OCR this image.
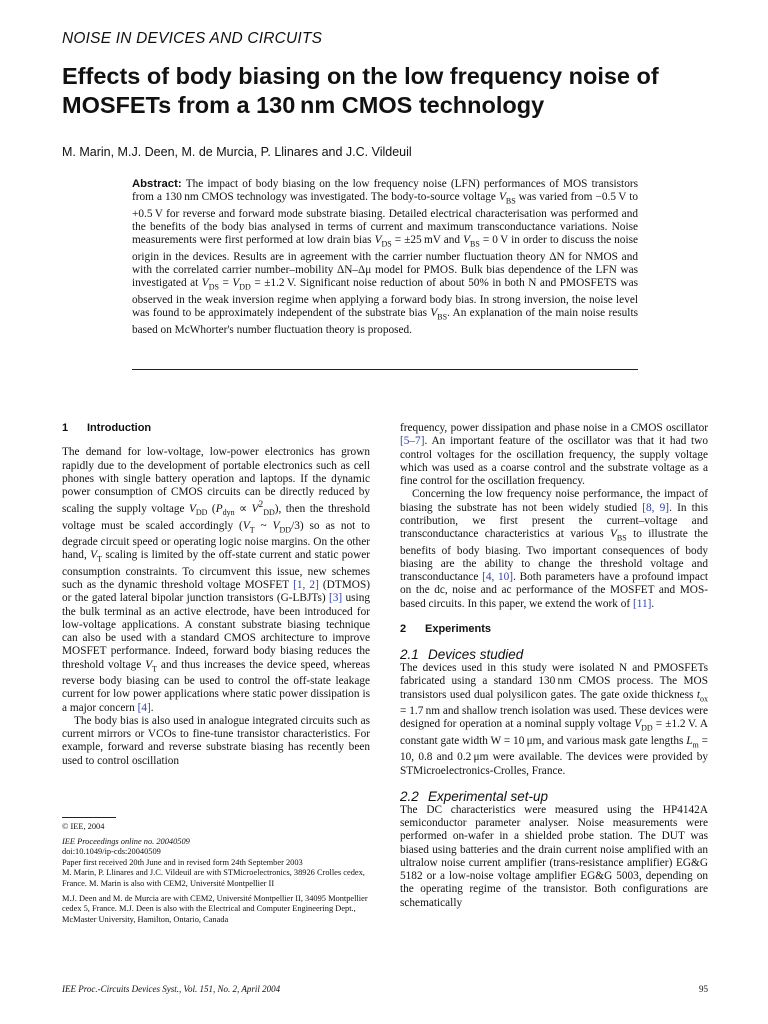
NOISE IN DEVICES AND CIRCUITS
Effects of body biasing on the low frequency noise of MOSFETs from a 130 nm CMOS technology
M. Marin, M.J. Deen, M. de Murcia, P. Llinares and J.C. Vildeuil
Abstract: The impact of body biasing on the low frequency noise (LFN) performances of MOS transistors from a 130 nm CMOS technology was investigated. The body-to-source voltage $V_{BS}$ was varied from −0.5 V to +0.5 V for reverse and forward mode substrate biasing. Detailed electrical characterisation was performed and the benefits of the body bias analysed in terms of current and maximum transconductance variations. Noise measurements were first performed at low drain bias $V_{DS} = \pm 25$ mV and $V_{BS} = 0$ V in order to discuss the noise origin in the devices. Results are in agreement with the carrier number fluctuation theory ΔN for NMOS and with the correlated carrier number–mobility ΔN–Δμ model for PMOS. Bulk bias dependence of the LFN was investigated at $V_{DS} = V_{DD} = \pm 1.2$ V. Significant noise reduction of about 50% in both N and PMOSFETS was observed in the weak inversion regime when applying a forward body bias. In strong inversion, the noise level was found to be approximately independent of the substrate bias $V_{BS}$. An explanation of the main noise results based on McWhorter's number fluctuation theory is proposed.
1 Introduction

The demand for low-voltage, low-power electronics has grown rapidly due to the development of portable electronics such as cell phones with single battery operation and laptops. If the dynamic power consumption of CMOS circuits can be directly reduced by scaling the supply voltage $V_{DD}$ $(P_{dyn} \propto V^2_{DD})$, then the threshold voltage must be scaled accordingly ($V_T$ ~ $V_{DD}/3$) so as not to degrade circuit speed or operating logic noise margins. On the other hand, $V_T$ scaling is limited by the off-state current and static power consumption constraints. To circumvent this issue, new schemes such as the dynamic threshold voltage MOSFET [1, 2] (DTMOS) or the gated lateral bipolar junction transistors (G-LBJTs) [3] using the bulk terminal as an active electrode, have been introduced for low-voltage applications. A constant substrate biasing technique can also be used with a standard CMOS architecture to improve MOSFET performance. Indeed, forward body biasing reduces the threshold voltage $V_T$ and thus increases the device speed, whereas reverse body biasing can be used to control the off-state leakage current for low power applications where static power dissipation is a major concern [4].

The body bias is also used in analogue integrated circuits such as current mirrors or VCOs to fine-tune transistor characteristics. For example, forward and reverse substrate biasing has recently been used to control oscillation

frequency, power dissipation and phase noise in a CMOS oscillator [5–7]. An important feature of the oscillator was that it had two control voltages for the oscillation frequency, the supply voltage which was used as a coarse control and the substrate voltage as a fine control for the oscillation frequency.

Concerning the low frequency noise performance, the impact of biasing the substrate has not been widely studied [8, 9]. In this contribution, we first present the current–voltage and transconductance characteristics at various $V_{BS}$ to illustrate the benefits of body biasing. Two important consequences of body biasing are the ability to change the threshold voltage and transconductance [4, 10]. Both parameters have a profound impact on the dc, noise and ac performance of the MOSFET and MOS-based circuits. In this paper, we extend the work of [11].

2 Experiments
2.1 Devices studied

The devices used in this study were isolated N and PMOSFETs fabricated using a standard 130 nm CMOS process. The MOS transistors used dual polysilicon gates. The gate oxide thickness $t_{ox} = 1.7$ nm and shallow trench isolation was used. These devices were designed for operation at a nominal supply voltage $V_{DD} = \pm 1.2$ V. A constant gate width W = 10 μm, and various mask gate lengths $L_m = 10$, 0.8 and 0.2 μm were available. The devices were provided by STMicroelectronics-Crolles, France.

2.2 Experimental set-up

The DC characteristics were measured using the HP4142A semiconductor parameter analyser. Noise measurements were performed on-wafer in a shielded probe station. The DUT was biased using batteries and the drain current noise amplified with an ultralow noise current amplifier (trans-resistance amplifier) EG&G 5182 or a low-noise voltage amplifier EG&G 5003, depending on the operating regime of the transistor. Both configurations are schematically

© IEE, 2004

IEE Proceedings online no. 20040509

doi:10.1049/ip-cds:20040509

Paper first received 20th June and in revised form 24th September 2003

M. Marin, P. Llinares and J.C. Vildeuil are with STMicroelectronics, 38926 Crolles cedex, France. M. Marin is also with CEM2, Université Montpellier II

M.J. Deen and M. de Murcia are with CEM2, Université Montpellier II, 34095 Montpellier cedex 5, France. M.J. Deen is also with the Electrical and Computer Engineering Dept., McMaster University, Hamilton, Ontario, Canada

IEE Proc.-Circuits Devices Syst., Vol. 151, No. 2, April 2004	95
